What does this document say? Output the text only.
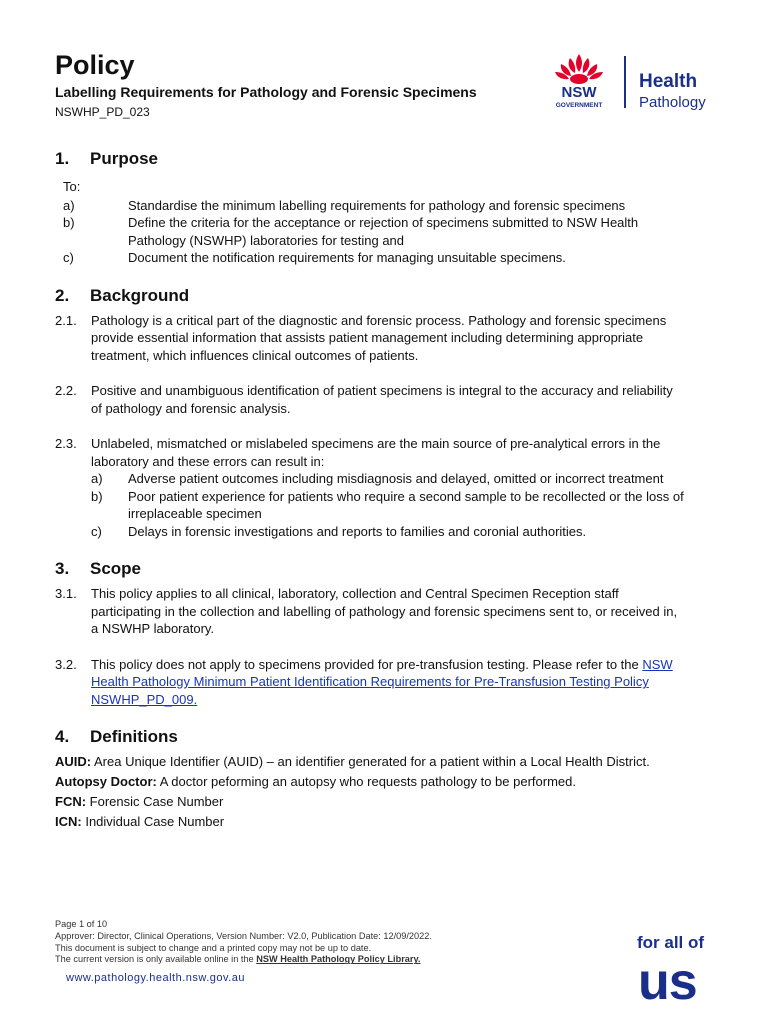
Policy
Labelling Requirements for Pathology and Forensic Specimens
NSWHP_PD_023
NSW
GOVERNMENT
Health
Pathology
1.	Purpose
To:
a)	Standardise the minimum labelling requirements for pathology and forensic specimens
b)	Define the criteria for the acceptance or rejection of specimens submitted to NSW Health Pathology (NSWHP) laboratories for testing and
c)	Document the notification requirements for managing unsuitable specimens.
2.	Background
2.1.	Pathology is a critical part of the diagnostic and forensic process. Pathology and forensic specimens provide essential information that assists patient management including determining appropriate treatment, which influences clinical outcomes of patients.
2.2.	Positive and unambiguous identification of patient specimens is integral to the accuracy and reliability of pathology and forensic analysis.
2.3.	Unlabeled, mismatched or mislabeled specimens are the main source of pre-analytical errors in the laboratory and these errors can result in:
a)	Adverse patient outcomes including misdiagnosis and delayed, omitted or incorrect treatment
b)	Poor patient experience for patients who require a second sample to be recollected or the loss of irreplaceable specimen
c)	Delays in forensic investigations and reports to families and coronial authorities.
3.	Scope
3.1.	This policy applies to all clinical, laboratory, collection and Central Specimen Reception staff participating in the collection and labelling of pathology and forensic specimens sent to, or received in, a NSWHP laboratory.
3.2.	This policy does not apply to specimens provided for pre-transfusion testing. Please refer to the NSW Health Pathology Minimum Patient Identification Requirements for Pre-Transfusion Testing Policy NSWHP_PD_009.
4.	Definitions
AUID: Area Unique Identifier (AUID) – an identifier generated for a patient within a Local Health District.
Autopsy Doctor: A doctor peforming an autopsy who requests pathology to be performed.
FCN: Forensic Case Number
ICN: Individual Case Number
Page 1 of 10
Approver: Director, Clinical Operations, Version Number: V2.0, Publication Date: 12/09/2022.
This document is subject to change and a printed copy may not be up to date.
The current version is only available online in the NSW Health Pathology Policy Library.
www.pathology.health.nsw.gov.au
for all of
us
